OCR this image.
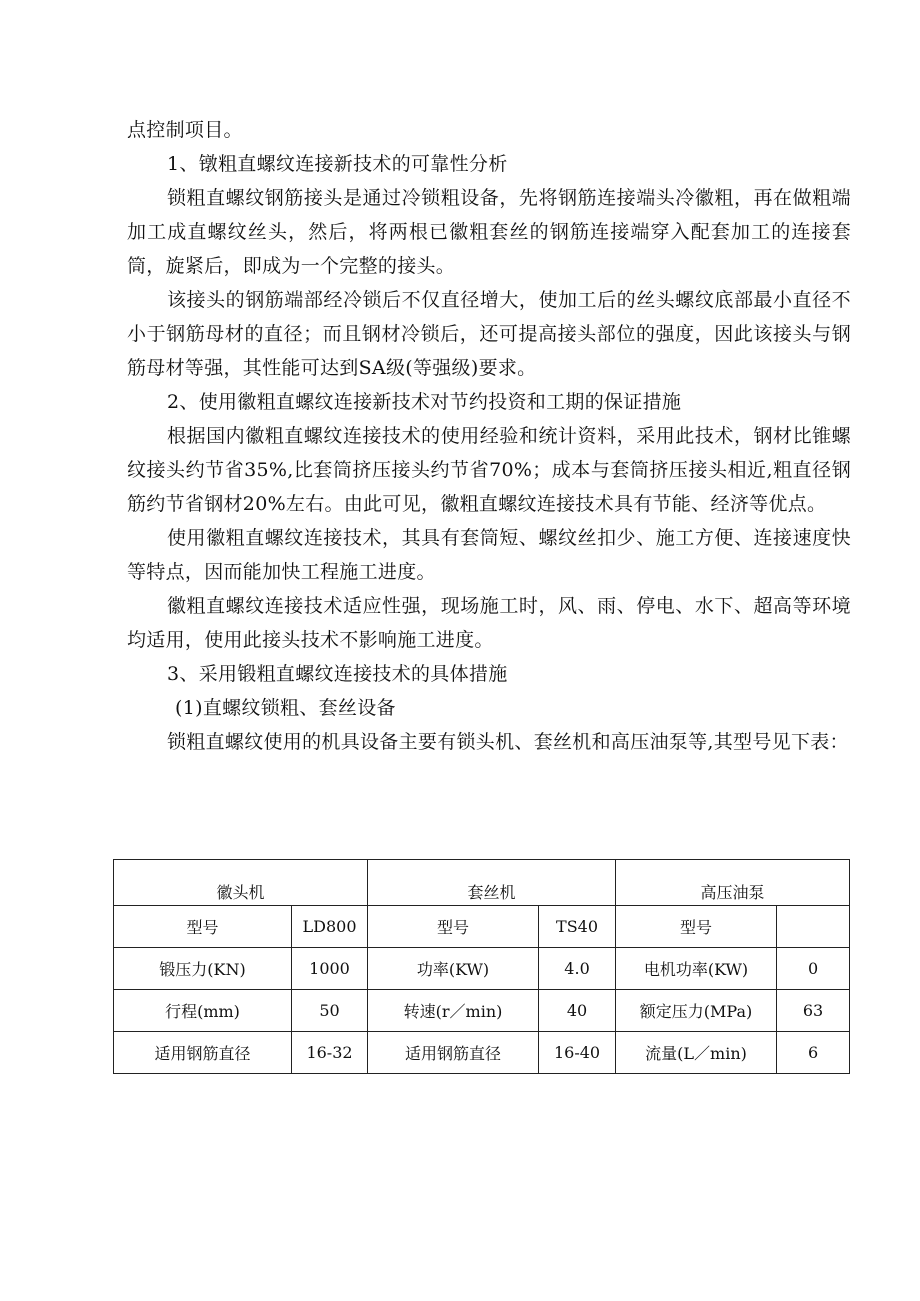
点控制项目。

1、镦粗直螺纹连接新技术的可靠性分析

锁粗直螺纹钢筋接头是通过冷锁粗设备，先将钢筋连接端头冷徽粗，再在做粗端加工成直螺纹丝头，然后，将两根已徽粗套丝的钢筋连接端穿入配套加工的连接套筒，旋紧后，即成为一个完整的接头。

该接头的钢筋端部经冷锁后不仅直径增大，使加工后的丝头螺纹底部最小直径不小于钢筋母材的直径；而且钢材冷锁后，还可提高接头部位的强度，因此该接头与钢筋母材等强，其性能可达到SA级(等强级)要求。

2、使用徽粗直螺纹连接新技术对节约投资和工期的保证措施

根据国内徽粗直螺纹连接技术的使用经验和统计资料，采用此技术，钢材比锥螺纹接头约节省35%,比套筒挤压接头约节省70%；成本与套筒挤压接头相近,粗直径钢筋约节省钢材20%左右。由此可见，徽粗直螺纹连接技术具有节能、经济等优点。

使用徽粗直螺纹连接技术，其具有套筒短、螺纹丝扣少、施工方便、连接速度快等特点，因而能加快工程施工进度。

徽粗直螺纹连接技术适应性强，现场施工时，风、雨、停电、水下、超高等环境均适用，使用此接头技术不影响施工进度。

3、采用锻粗直螺纹连接技术的具体措施

(1)直螺纹锁粗、套丝设备

锁粗直螺纹使用的机具设备主要有锁头机、套丝机和高压油泵等,其型号见下表：

徽头机		套丝机		高压油泵	
型号	LD800	型号	TS40	型号	
锻压力(KN)	1000	功率(KW)	4.0	电机功率(KW)	0
行程(mm)	50	转速(r／min)	40	额定压力(MPa)	63
适用钢筋直径	16-32	适用钢筋直径	16-40	流量(L／min)	6
